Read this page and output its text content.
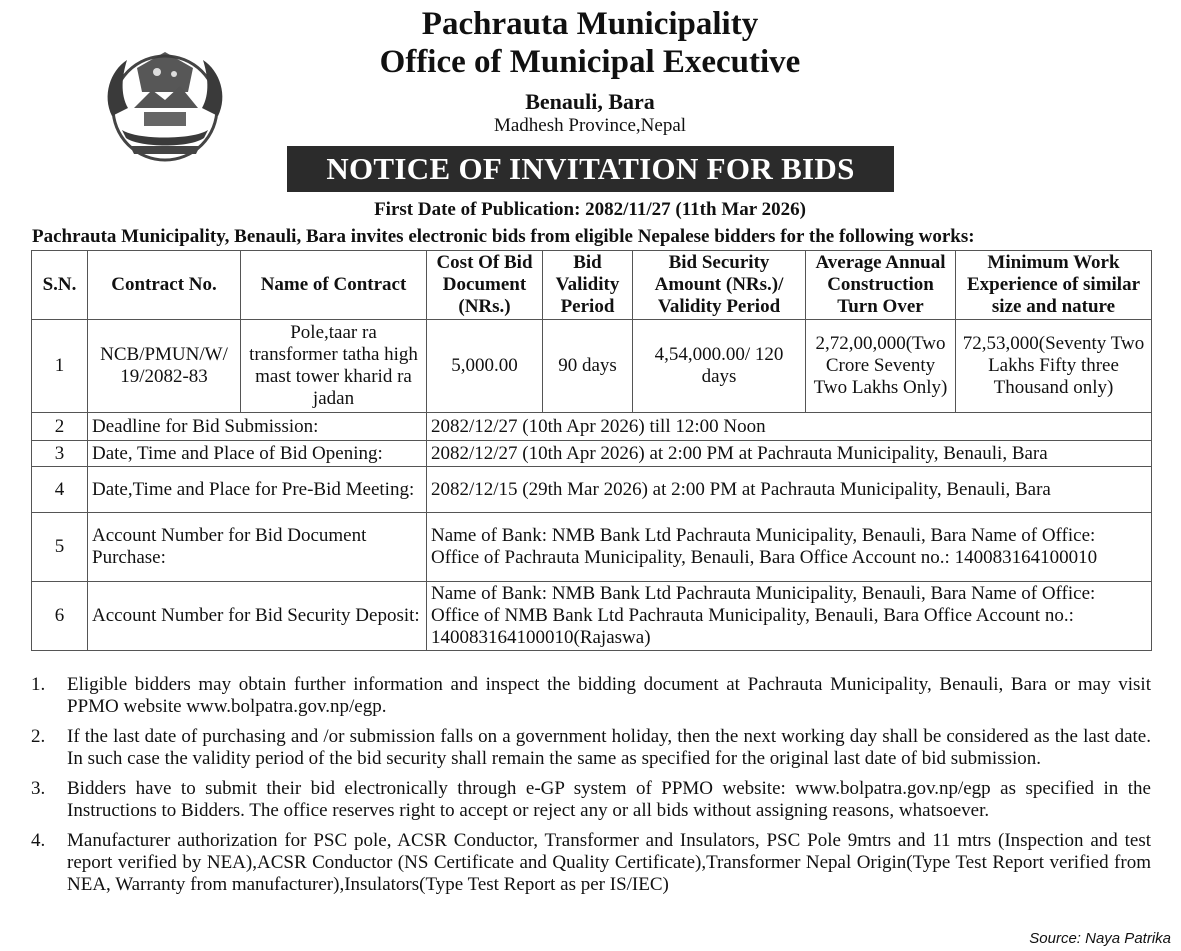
Pachrauta Municipality
Office of Municipal Executive
Benauli, Bara
Madhesh Province,Nepal
NOTICE OF INVITATION FOR BIDS
First Date of Publication: 2082/11/27 (11th Mar 2026)
Pachrauta Municipality, Benauli, Bara invites electronic bids from eligible Nepalese bidders for the following works:
S.N.	Contract No.	Name of Contract	Cost Of Bid Document (NRs.)	Bid Validity Period	Bid Security Amount (NRs.)/ Validity Period	Average Annual Construction Turn Over	Minimum Work Experience of similar size and nature
1	NCB/PMUN/W/ 19/2082-83	Pole,taar ra transformer tatha high mast tower kharid ra jadan	5,000.00	90 days	4,54,000.00/ 120 days	2,72,00,000(Two Crore Seventy Two Lakhs Only)	72,53,000(Seventy Two Lakhs Fifty three Thousand only)
2	Deadline for Bid Submission:		2082/12/27 (10th Apr 2026) till 12:00 Noon				
3	Date, Time and Place of Bid Opening:		2082/12/27 (10th Apr 2026) at 2:00 PM at Pachrauta Municipality, Benauli, Bara				
4	Date,Time and Place for Pre-Bid Meeting:		2082/12/15 (29th Mar 2026) at 2:00 PM at Pachrauta Municipality, Benauli, Bara				
5	Account Number for Bid Document Purchase:		Name of Bank: NMB Bank Ltd Pachrauta Municipality, Benauli, Bara Name of Office: Office of Pachrauta Municipality, Benauli, Bara Office Account no.: 140083164100010				
6	Account Number for Bid Security Deposit:		Name of Bank: NMB Bank Ltd Pachrauta Municipality, Benauli, Bara Name of Office: Office of NMB Bank Ltd Pachrauta Municipality, Benauli, Bara Office Account no.: 140083164100010(Rajaswa)				
1. Eligible bidders may obtain further information and inspect the bidding document at Pachrauta Municipality, Benauli, Bara or may visit PPMO website www.bolpatra.gov.np/egp.
2. If the last date of purchasing and /or submission falls on a government holiday, then the next working day shall be considered as the last date. In such case the validity period of the bid security shall remain the same as specified for the original last date of bid submission.
3. Bidders have to submit their bid electronically through e-GP system of PPMO website: www.bolpatra.gov.np/egp as specified in the Instructions to Bidders. The office reserves right to accept or reject any or all bids without assigning reasons, whatsoever.
4. Manufacturer authorization for PSC pole, ACSR Conductor, Transformer and Insulators, PSC Pole 9mtrs and 11 mtrs (Inspection and test report verified by NEA),ACSR Conductor (NS Certificate and Quality Certificate),Transformer Nepal Origin(Type Test Report verified from NEA, Warranty from manufacturer),Insulators(Type Test Report as per IS/IEC)
Source: Naya Patrika
